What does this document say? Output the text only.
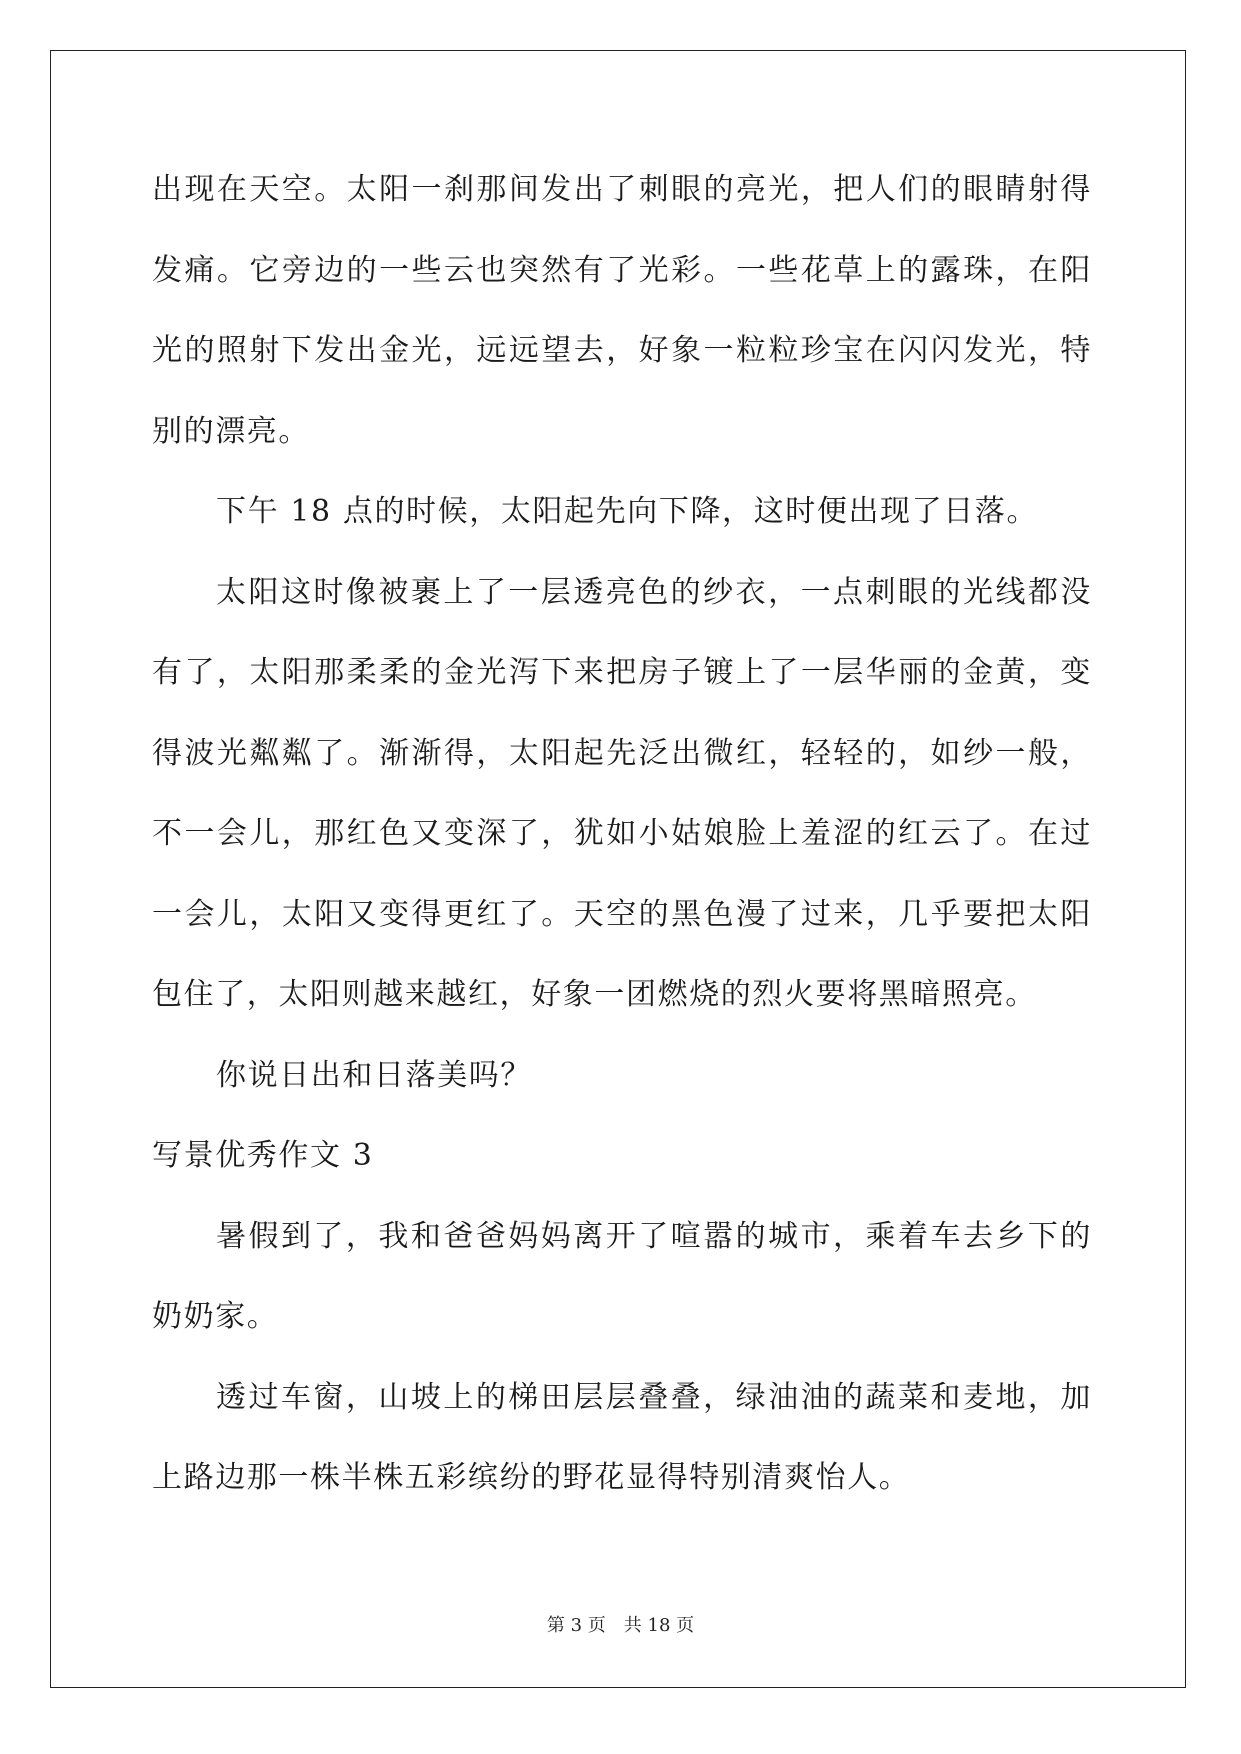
出现在天空。太阳一刹那间发出了刺眼的亮光，把人们的眼睛射得发痛。它旁边的一些云也突然有了光彩。一些花草上的露珠，在阳光的照射下发出金光，远远望去，好象一粒粒珍宝在闪闪发光，特别的漂亮。

下午 18 点的时候，太阳起先向下降，这时便出现了日落。

太阳这时像被裹上了一层透亮色的纱衣，一点刺眼的光线都没有了，太阳那柔柔的金光泻下来把房子镀上了一层华丽的金黄，变得波光粼粼了。渐渐得，太阳起先泛出微红，轻轻的，如纱一般，不一会儿，那红色又变深了，犹如小姑娘脸上羞涩的红云了。在过一会儿，太阳又变得更红了。天空的黑色漫了过来，几乎要把太阳包住了，太阳则越来越红，好象一团燃烧的烈火要将黑暗照亮。

你说日出和日落美吗？

写景优秀作文 3

暑假到了，我和爸爸妈妈离开了喧嚣的城市，乘着车去乡下的奶奶家。

透过车窗，山坡上的梯田层层叠叠，绿油油的蔬菜和麦地，加上路边那一株半株五彩缤纷的野花显得特别清爽怡人。

第 3 页　共 18 页
